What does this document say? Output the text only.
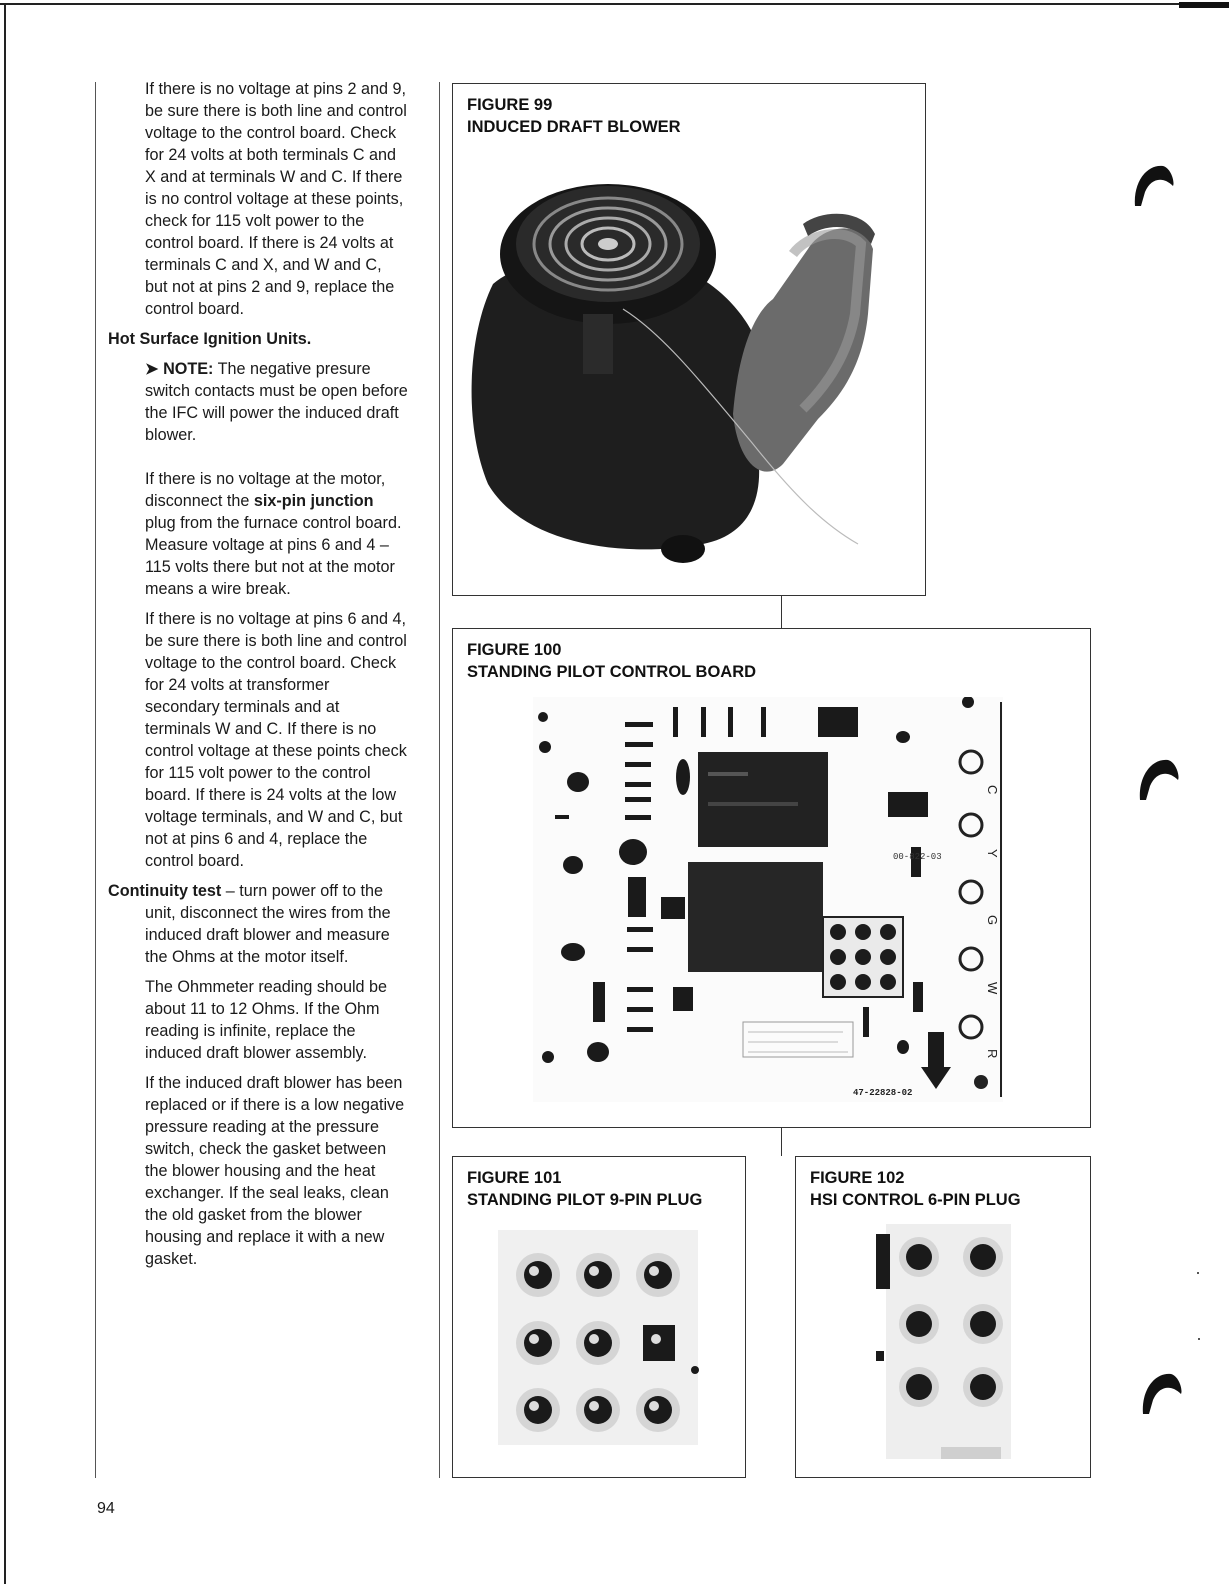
If there is no voltage at pins 2 and 9, be sure there is both line and control voltage to the control board. Check for 24 volts at both terminals C and X and at terminals W and C. If there is no control voltage at these points, check for 115 volt power to the control board. If there is 24 volts at terminals C and X, and W and C, but not at pins 2 and 9, replace the control board.

Hot Surface Ignition Units.

➤ NOTE: The negative presure switch contacts must be open before the IFC will power the induced draft blower.

If there is no voltage at the motor, disconnect the six-pin junction plug from the furnace control board. Measure voltage at pins 6 and 4 – 115 volts there but not at the motor means a wire break.

If there is no voltage at pins 6 and 4, be sure there is both line and control voltage to the control board. Check for 24 volts at transformer secondary terminals and at terminals W and C. If there is no control voltage at these points check for 115 volt power to the control board. If there is 24 volts at the low voltage terminals, and W and C, but not at pins 6 and 4, replace the control board.

Continuity test – turn power off to the unit, disconnect the wires from the induced draft blower and measure the Ohms at the motor itself.

The Ohmmeter reading should be about 11 to 12 Ohms. If the Ohm reading is infinite, replace the induced draft blower assembly.

If the induced draft blower has been replaced or if there is a low negative pressure reading at the pressure switch, check the gasket between the blower housing and the heat exchanger. If the seal leaks, clean the old gasket from the blower housing and replace it with a new gasket.

94
FIGURE 99
INDUCED DRAFT BLOWER
FIGURE 100
STANDING PILOT CONTROL BOARD
C
Y
G
W
R
00-822-03
47-22828-02
FIGURE 101
STANDING PILOT 9-PIN PLUG
FIGURE 102
HSI CONTROL 6-PIN PLUG
